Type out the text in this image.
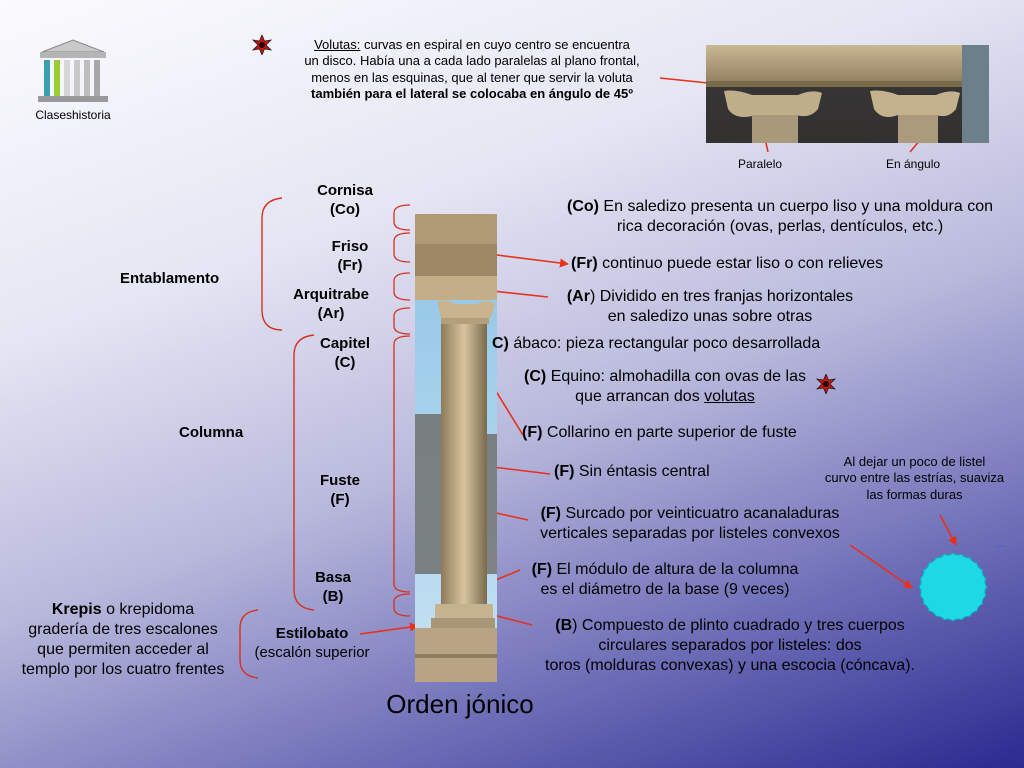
Claseshistoria
Volutas: curvas en espiral en cuyo centro se encuentra
un disco. Había una a cada lado paralelas al plano frontal,
menos en las esquinas, que al tener que servir la voluta
también para el lateral se colocaba en ángulo de 45º
Paralelo	En ángulo
Cornisa
(Co)
Friso
(Fr)
Arquitrabe
(Ar)
Entablamento
Capitel
(C)
Columna
Fuste
(F)
Basa
(B)
Estilobato
(escalón superior
Krepis o krepidoma
gradería de tres escalones
que permiten acceder al
templo por los cuatro frentes
(Co) En saledizo presenta un cuerpo liso y una moldura con
rica decoración (ovas, perlas, dentículos, etc.)
(Fr) continuo puede estar liso o con relieves
(Ar) Dividido en tres franjas horizontales
en saledizo unas sobre otras
C) ábaco: pieza rectangular poco desarrollada
(C) Equino: almohadilla con ovas de las
que arrancan dos volutas
(F) Collarino en parte superior de fuste
(F) Sin éntasis central
(F) Surcado por veinticuatro acanaladuras
verticales separadas por listeles convexos
(F) El módulo de altura de la columna
es el diámetro de la base (9 veces)
(B) Compuesto de plinto cuadrado y tres cuerpos
circulares separados por listeles: dos
toros (molduras convexas) y una escocia (cóncava).
Al dejar un poco de listel
curvo entre las estrías, suaviza
las formas duras
...
Orden jónico
